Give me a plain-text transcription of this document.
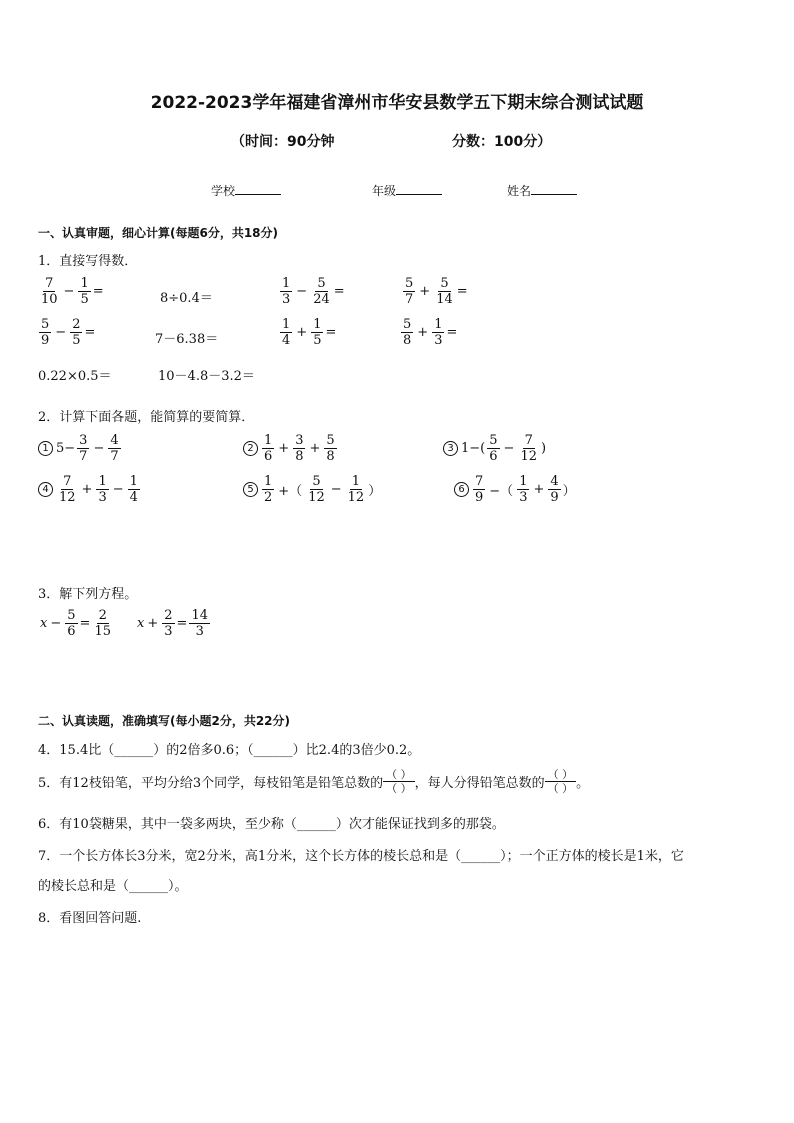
2022-2023学年福建省漳州市华安县数学五下期末综合测试试题
（时间：90分钟	分数：100分）
学校	年级	姓名
一、认真审题，细心计算(每题6分，共18分)
1．直接写得数．
$\frac{7}{10} - \frac{1}{5}$ =	8÷0.4＝	$\frac{1}{3} - \frac{5}{24}$ =	$\frac{5}{7} + \frac{5}{14}$ =
$\frac{5}{9} - \frac{2}{5}$ =	7－6.38＝	$\frac{1}{4} + \frac{1}{5}$ =	$\frac{5}{8} + \frac{1}{3}$ =
0.22×0.5＝	10－4.8－3.2＝
2．计算下面各题，能简算的要简算．
1 $5- \frac{3}{7} - \frac{4}{7}$	$2 \frac{1}{6} + \frac{3}{8} + \frac{5}{8}$	3 $1-( \frac{5}{6} - \frac{7}{12}$ )
$4 \frac{7}{12} + \frac{1}{3} - \frac{1}{4}$	$5 \frac{1}{2}$ +（ $\frac{5}{12} - \frac{1}{12}$ ）	$6 \frac{7}{9}$ −（ $\frac{1}{3} + \frac{4}{9}$ ）
3．解下列方程。
$x - \frac{5}{6} = \frac{2}{15}$ $x + \frac{2}{3} = \frac{14}{3}$
二、认真读题，准确填写(每小题2分，共22分)
4．15.4比（______）的2倍多0.6；（______）比2.4的3倍少0.2。
5．有12枝铅笔，平均分给3个同学，每枝铅笔是铅笔总数的
（ ）
（ ） ，每人分得铅笔总数的
（ ）
（ ） 。
6．有10袋糖果，其中一袋多两块，至少称（______）次才能保证找到多的那袋。
7．一个长方体长3分米，宽2分米，高1分米，这个长方体的棱长总和是（______）；一个正方体的棱长是1米，它
的棱长总和是（______）。
8．看图回答问题.
